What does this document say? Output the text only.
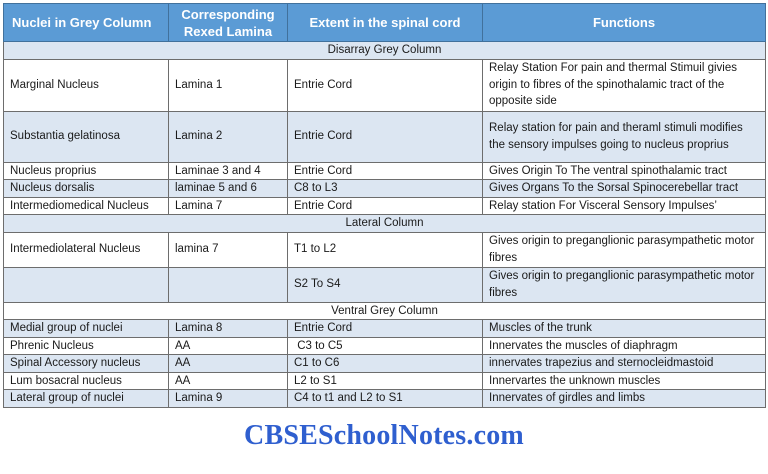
Nuclei in Grey Column	Corresponding Rexed Lamina	Extent in the spinal cord	Functions
Disarray Grey Column			
Marginal Nucleus	Lamina 1	Entrie Cord	Relay Station For pain and thermal Stimuil givies origin to fibres of the spinothalamic tract of the opposite side
Substantia gelatinosa	Lamina 2	Entrie Cord	Relay station for pain and theraml stimuli modifies the sensory impulses going to nucleus proprius
Nucleus proprius	Laminae 3 and 4	Entrie Cord	Gives Origin To The ventral spinothalamic tract
Nucleus dorsalis	laminae 5 and 6	C8 to L3	Gives Organs To the Sorsal Spinocerebellar tract
Intermediomedical Nucleus	Lamina 7	Entrie Cord	Relay station For Visceral Sensory Impulses’
Lateral Column			
Intermediolateral Nucleus	lamina 7	T1 to L2	Gives origin to preganglionic parasympathetic motor fibres
		S2 To S4	Gives origin to preganglionic parasympathetic motor fibres
Ventral Grey Column			
Medial group of nuclei	Lamina 8	Entrie Cord	Muscles of the trunk
Phrenic Nucleus	AA	C3 to C5	Innervates the muscles of diaphragm
Spinal Accessory nucleus	AA	C1 to C6	innervates trapezius and sternocleidmastoid
Lum bosacral nucleus	AA	L2 to S1	Innervartes the unknown muscles
Lateral group of nuclei	Lamina 9	C4 to t1 and L2 to S1	Innervates of girdles and limbs
CBSESchoolNotes.com
